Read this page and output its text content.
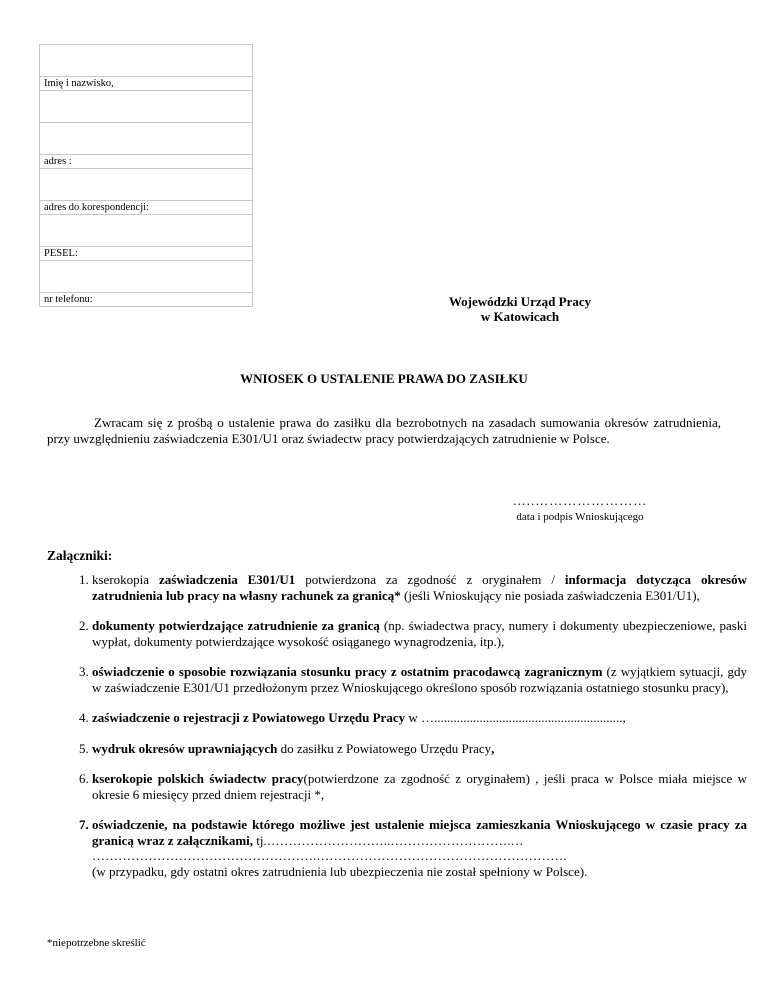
Imię i nazwisko,

adres :

adres do korespondencji:

PESEL:

nr telefonu:	Wojewódzki Urząd Pracy
w Katowicach
WNIOSEK O USTALENIE PRAWA DO ZASIŁKU

Zwracam się z prośbą o ustalenie prawa do zasiłku dla bezrobotnych na zasadach sumowania okresów zatrudnienia, przy uwzględnieniu zaświadczenia E301/U1 oraz świadectw pracy potwierdzających zatrudnienie w Polsce.

…..……………………
data i podpis Wnioskującego
Załączniki:
1. kserokopia zaświadczenia E301/U1 potwierdzona za zgodność z oryginałem / informacja dotycząca okresów zatrudnienia lub pracy na własny rachunek za granicą* (jeśli Wnioskujący nie posiada zaświadczenia E301/U1),
2. dokumenty potwierdzające zatrudnienie za granicą (np. świadectwa pracy, numery i dokumenty ubezpieczeniowe, paski wypłat, dokumenty potwierdzające wysokość osiąganego wynagrodzenia, itp.),
3. oświadczenie o sposobie rozwiązania stosunku pracy z ostatnim pracodawcą zagranicznym (z wyjątkiem sytuacji, gdy w zaświadczenie E301/U1 przedłożonym przez Wnioskującego określono sposób rozwiązania ostatniego stosunku pracy),
4. zaświadczenie o rejestracji z Powiatowego Urzędu Pracy w …..........................................................,
5. wydruk okresów uprawniających do zasiłku z Powiatowego Urzędu Pracy,
6. kserokopie polskich świadectw pracy(potwierdzone za zgodność z oryginałem) , jeśli praca w Polsce miała miejsce w okresie 6 miesięcy przed dniem rejestracji *,
7. oświadczenie, na podstawie którego możliwe jest ustalenie miejsca zamieszkania Wnioskującego w czasie pracy za granicą wraz z załącznikami, tj.………………………..……………………….…
…………………………………………….………………………………………………….
(w przypadku, gdy ostatni okres zatrudnienia lub ubezpieczenia nie został spełniony w Polsce).
*niepotrzebne skreślić
